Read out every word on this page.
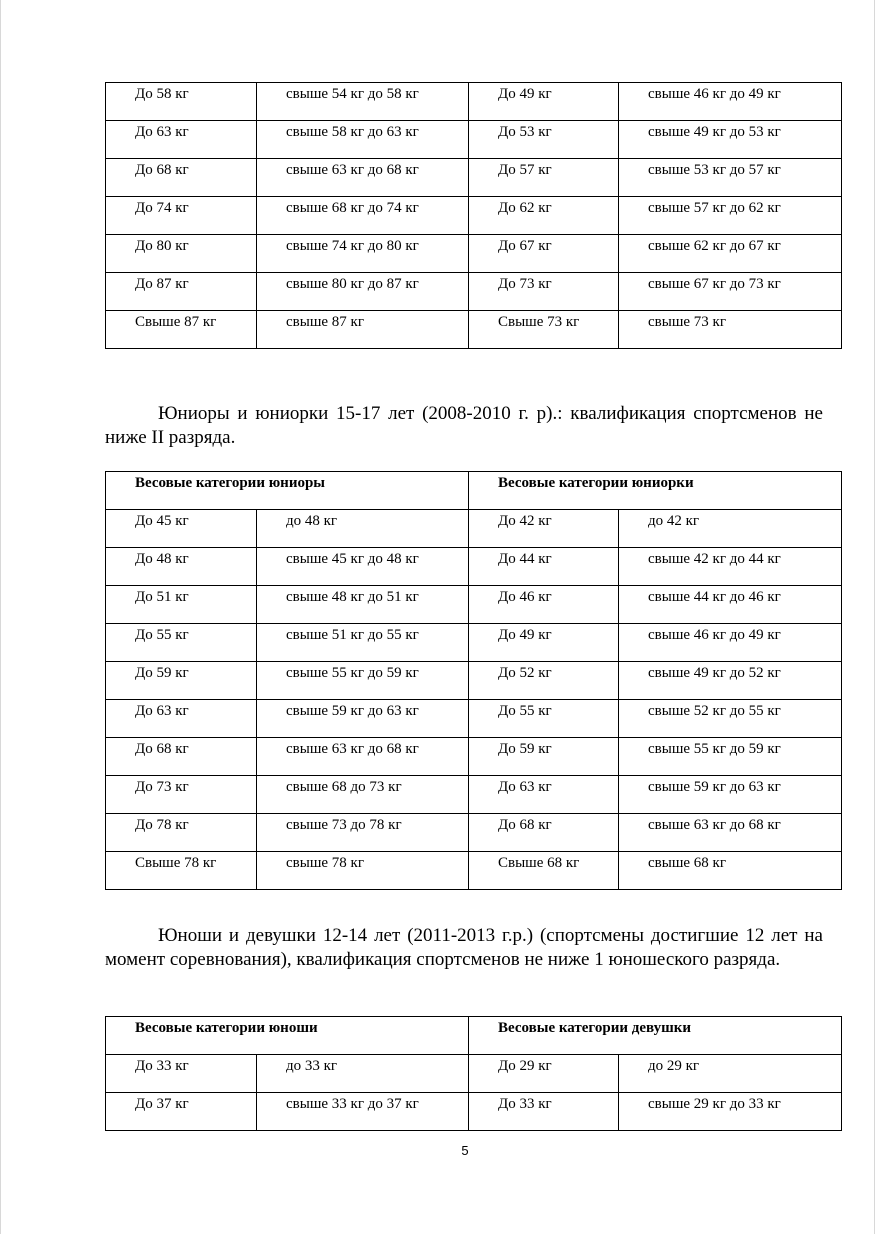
До 58 кг	свыше 54 кг до 58 кг	До 49 кг	свыше 46 кг до 49 кг
До 63 кг	свыше 58 кг до 63 кг	До 53 кг	свыше 49 кг до 53 кг
До 68 кг	свыше 63 кг до 68 кг	До 57 кг	свыше 53 кг до 57 кг
До 74 кг	свыше 68 кг до 74 кг	До 62 кг	свыше 57 кг до 62 кг
До 80 кг	свыше 74 кг до 80 кг	До 67 кг	свыше 62 кг до 67 кг
До 87 кг	свыше 80 кг до 87 кг	До 73 кг	свыше 67 кг до 73 кг
Свыше 87 кг	свыше 87 кг	Свыше 73 кг	свыше 73 кг
Юниоры и юниорки 15-17 лет (2008-2010 г. р).: квалификация спортсменов не ниже II разряда.
Весовые категории юниоры		Весовые категории юниорки	
До 45 кг	до 48 кг	До 42 кг	до 42 кг
До 48 кг	свыше 45 кг до 48 кг	До 44 кг	свыше 42 кг до 44 кг
До 51 кг	свыше 48 кг до 51 кг	До 46 кг	свыше 44 кг до 46 кг
До 55 кг	свыше 51 кг до 55 кг	До 49 кг	свыше 46 кг до 49 кг
До 59 кг	свыше 55 кг до 59 кг	До 52 кг	свыше 49 кг до 52 кг
До 63 кг	свыше 59 кг до 63 кг	До 55 кг	свыше 52 кг до 55 кг
До 68 кг	свыше 63 кг до 68 кг	До 59 кг	свыше 55 кг до 59 кг
До 73 кг	свыше 68 до 73 кг	До 63 кг	свыше 59 кг до 63 кг
До 78 кг	свыше 73 до 78 кг	До 68 кг	свыше 63 кг до 68 кг
Свыше 78 кг	свыше 78 кг	Свыше 68 кг	свыше 68 кг
Юноши и девушки 12-14 лет (2011-2013 г.р.) (спортсмены достигшие 12 лет на момент соревнования), квалификация спортсменов не ниже 1 юношеского разряда.
Весовые категории юноши		Весовые категории девушки	
До 33 кг	до 33 кг	До 29 кг	до 29 кг
До 37 кг	свыше 33 кг до 37 кг	До 33 кг	свыше 29 кг до 33 кг
5
